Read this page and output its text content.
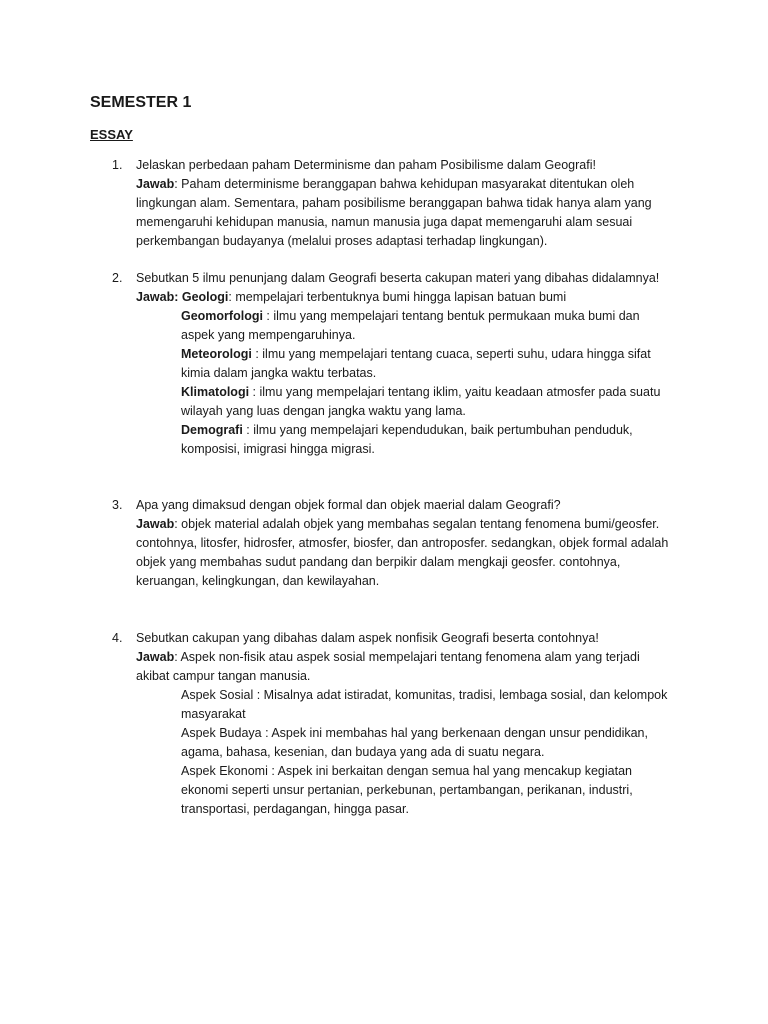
SEMESTER 1
ESSAY
1. Jelaskan perbedaan paham Determinisme dan paham Posibilisme dalam Geografi!
Jawab: Paham determinisme beranggapan bahwa kehidupan masyarakat ditentukan oleh
lingkungan alam. Sementara, paham posibilisme beranggapan bahwa tidak hanya alam yang
memengaruhi kehidupan manusia, namun manusia juga dapat memengaruhi alam sesuai
perkembangan budayanya (melalui proses adaptasi terhadap lingkungan).
2. Sebutkan 5 ilmu penunjang dalam Geografi beserta cakupan materi yang dibahas didalamnya!
Jawab: Geologi: mempelajari terbentuknya bumi hingga lapisan batuan bumi
Geomorfologi : ilmu yang mempelajari tentang bentuk permukaan muka bumi dan
aspek yang mempengaruhinya.
Meteorologi : ilmu yang mempelajari tentang cuaca, seperti suhu, udara hingga sifat
kimia dalam jangka waktu terbatas.
Klimatologi : ilmu yang mempelajari tentang iklim, yaitu keadaan atmosfer pada suatu
wilayah yang luas dengan jangka waktu yang lama.
Demografi : ilmu yang mempelajari kependudukan, baik pertumbuhan penduduk,
komposisi, imigrasi hingga migrasi.
3. Apa yang dimaksud dengan objek formal dan objek maerial dalam Geografi?
Jawab: objek material adalah objek yang membahas segalan tentang fenomena bumi/geosfer.
contohnya, litosfer, hidrosfer, atmosfer, biosfer, dan antroposfer. sedangkan, objek formal adalah
objek yang membahas sudut pandang dan berpikir dalam mengkaji geosfer. contohnya,
keruangan, kelingkungan, dan kewilayahan.
4. Sebutkan cakupan yang dibahas dalam aspek nonfisik Geografi beserta contohnya!
Jawab: Aspek non-fisik atau aspek sosial mempelajari tentang fenomena alam yang terjadi
akibat campur tangan manusia.
Aspek Sosial : Misalnya adat istiradat, komunitas, tradisi, lembaga sosial, dan kelompok
masyarakat
Aspek Budaya : Aspek ini membahas hal yang berkenaan dengan unsur pendidikan,
agama, bahasa, kesenian, dan budaya yang ada di suatu negara.
Aspek Ekonomi : Aspek ini berkaitan dengan semua hal yang mencakup kegiatan
ekonomi seperti unsur pertanian, perkebunan, pertambangan, perikanan, industri,
transportasi, perdagangan, hingga pasar.
